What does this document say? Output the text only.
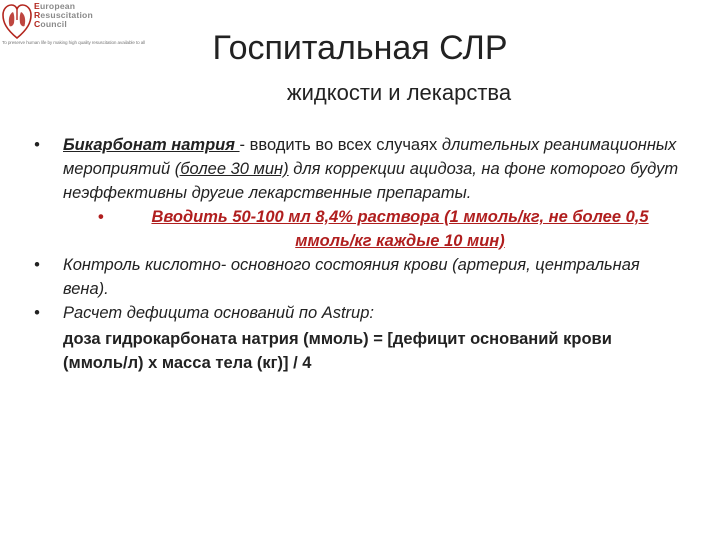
European
Resuscitation
Council
To preserve human life by making high quality resuscitation available to all	Госпитальная СЛР
жидкости и лекарства
• Бикарбонат натрия - вводить во всех случаях длительных реанимационных мероприятий (более 30 мин) для коррекции ацидоза, на фоне которого будут неэффективны другие лекарственные препараты.
•	Вводить 50-100 мл 8,4% раствора (1 ммоль/кг, не более 0,5 ммоль/кг каждые 10 мин)
• Контроль кислотно- основного состояния крови (артерия, центральная вена).
• Расчет дефицита оснований по Astrup:
доза гидрокарбоната натрия (ммоль) = [дефицит оснований крови (ммоль/л) х масса тела (кг)] / 4
